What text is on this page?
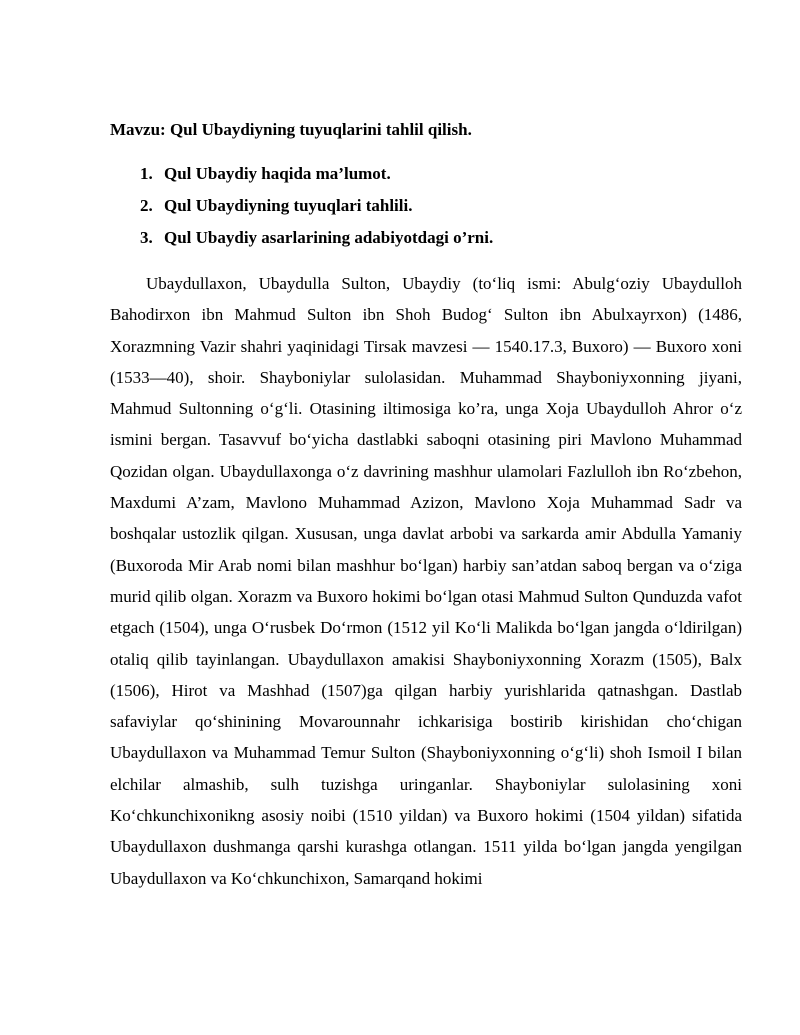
Mavzu: Qul Ubaydiyning tuyuqlarini tahlil qilish.

1. Qul Ubaydiy haqida ma’lumot.
2. Qul Ubaydiyning tuyuqlari tahlili.
3. Qul Ubaydiy asarlarining adabiyotdagi o’rni.

Ubaydullaxon, Ubaydulla Sulton, Ubaydiy (to‘liq ismi: Abulg‘oziy Ubaydulloh Bahodirxon ibn Mahmud Sulton ibn Shoh Budog‘ Sulton ibn Abulxayrxon) (1486, Xorazmning Vazir shahri yaqinidagi Tirsak mavzesi — 1540.17.3, Buxoro) — Buxoro xoni (1533—40), shoir. Shayboniylar sulolasidan. Muhammad Shayboniyxonning jiyani, Mahmud Sultonning o‘g‘li. Otasining iltimosiga ko’ra, unga Xoja Ubaydulloh Ahror o‘z ismini bergan. Tasavvuf bo‘yicha dastlabki saboqni otasining piri Mavlono Muhammad Qozidan olgan. Ubaydullaxonga o‘z davrining mashhur ulamolari Fazlulloh ibn Ro‘zbehon, Maxdumi A’zam, Mavlono Muhammad Azizon, Mavlono Xoja Muhammad Sadr va boshqalar ustozlik qilgan. Xususan, unga davlat arbobi va sarkarda amir Abdulla Yamaniy (Buxoroda Mir Arab nomi bilan mashhur bo‘lgan) harbiy san’atdan saboq bergan va o‘ziga murid qilib olgan. Xorazm va Buxoro hokimi bo‘lgan otasi Mahmud Sulton Qunduzda vafot etgach (1504), unga O‘rusbek Do‘rmon (1512 yil Ko‘li Malikda bo‘lgan jangda o‘ldirilgan) otaliq qilib tayinlangan. Ubaydullaxon amakisi Shayboniyxonning Xorazm (1505), Balx (1506), Hirot va Mashhad (1507)ga qilgan harbiy yurishlarida qatnashgan. Dastlab safaviylar qo‘shinining Movarounnahr ichkarisiga bostirib kirishidan cho‘chigan Ubaydullaxon va Muhammad Temur Sulton (Shayboniyxonning o‘g‘li) shoh Ismoil I bilan elchilar almashib, sulh tuzishga uringanlar. Shayboniylar sulolasining xoni Ko‘chkunchixonikng asosiy noibi (1510 yildan) va Buxoro hokimi (1504 yildan) sifatida Ubaydullaxon dushmanga qarshi kurashga otlangan. 1511 yilda bo‘lgan jangda yengilgan Ubaydullaxon va Ko‘chkunchixon, Samarqand hokimi
